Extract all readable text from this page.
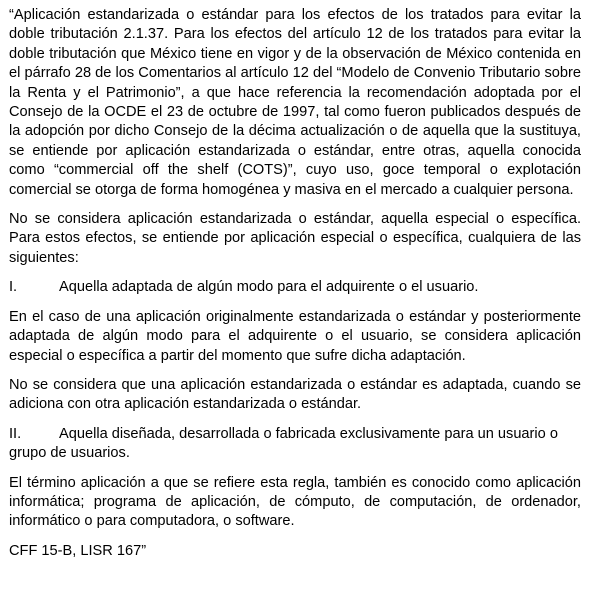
“Aplicación estandarizada o estándar para los efectos de los tratados para evitar la doble tributación 2.1.37. Para los efectos del artículo 12 de los tratados para evitar la doble tributación que México tiene en vigor y de la observación de México contenida en el párrafo 28 de los Comentarios al artículo 12 del “Modelo de Convenio Tributario sobre la Renta y el Patrimonio”, a que hace referencia la recomendación adoptada por el Consejo de la OCDE el 23 de octubre de 1997, tal como fueron publicados después de la adopción por dicho Consejo de la décima actualización o de aquella que la sustituya, se entiende por aplicación estandarizada o estándar, entre otras, aquella conocida como “commercial off the shelf (COTS)”, cuyo uso, goce temporal o explotación comercial se otorga de forma homogénea y masiva en el mercado a cualquier persona.

No se considera aplicación estandarizada o estándar, aquella especial o específica. Para estos efectos, se entiende por aplicación especial o específica, cualquiera de las siguientes:

I.	Aquella adaptada de algún modo para el adquirente o el usuario.

En el caso de una aplicación originalmente estandarizada o estándar y posteriormente adaptada de algún modo para el adquirente o el usuario, se considera aplicación especial o específica a partir del momento que sufre dicha adaptación.

No se considera que una aplicación estandarizada o estándar es adaptada, cuando se adiciona con otra aplicación estandarizada o estándar.

II.	Aquella diseñada, desarrollada o fabricada exclusivamente para un usuario o grupo de usuarios.

El término aplicación a que se refiere esta regla, también es conocido como aplicación informática; programa de aplicación, de cómputo, de computación, de ordenador, informático o para computadora, o software.

CFF 15-B, LISR 167”
